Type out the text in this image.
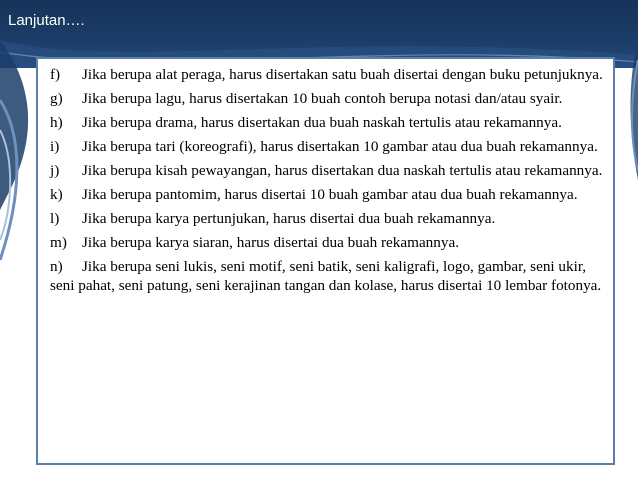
Lanjutan….
f)	Jika berupa alat peraga, harus disertakan satu buah disertai dengan buku petunjuknya.
g)	Jika berupa lagu, harus disertakan 10 buah contoh berupa notasi dan/atau syair.
h)	Jika berupa drama, harus disertakan dua buah naskah tertulis atau rekamannya.
i)	Jika berupa tari (koreografi), harus disertakan 10 gambar atau dua buah rekamannya.
j)	Jika berupa kisah pewayangan, harus disertakan dua naskah tertulis atau rekamannya.
k)	Jika berupa pantomim, harus disertai 10 buah gambar atau dua buah rekamannya.
l)	Jika berupa karya pertunjukan, harus disertai dua buah rekamannya.
m) Jika berupa karya siaran, harus disertai dua buah rekamannya.
n) Jika berupa seni lukis, seni motif, seni batik, seni kaligrafi, logo, gambar, seni ukir, seni pahat, seni patung, seni kerajinan tangan dan kolase, harus disertai 10 lembar fotonya.
